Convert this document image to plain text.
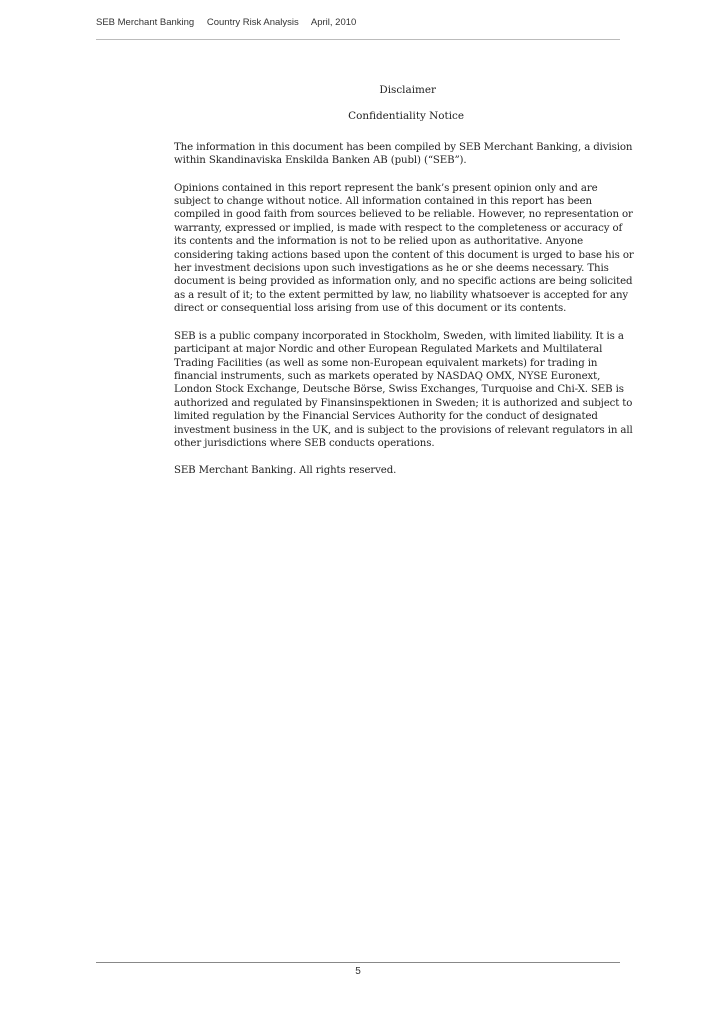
SEB Merchant Banking Country Risk Analysis April, 2010
Disclaimer
Confidentiality Notice

The information in this document has been compiled by SEB Merchant Banking, a division within Skandinaviska Enskilda Banken AB (publ) (“SEB”).

Opinions contained in this report represent the bank’s present opinion only and are subject to change without notice. All information contained in this report has been compiled in good faith from sources believed to be reliable. However, no representation or warranty, expressed or implied, is made with respect to the completeness or accuracy of its contents and the information is not to be relied upon as authoritative. Anyone considering taking actions based upon the content of this document is urged to base his or her investment decisions upon such investigations as he or she deems necessary. This document is being provided as information only, and no specific actions are being solicited as a result of it; to the extent permitted by law, no liability whatsoever is accepted for any direct or consequential loss arising from use of this document or its contents.

SEB is a public company incorporated in Stockholm, Sweden, with limited liability. It is a participant at major Nordic and other European Regulated Markets and Multilateral Trading Facilities (as well as some non-European equivalent markets) for trading in financial instruments, such as markets operated by NASDAQ OMX, NYSE Euronext, London Stock Exchange, Deutsche Börse, Swiss Exchanges, Turquoise and Chi-X. SEB is authorized and regulated by Finansinspektionen in Sweden; it is authorized and subject to limited regulation by the Financial Services Authority for the conduct of designated investment business in the UK, and is subject to the provisions of relevant regulators in all other jurisdictions where SEB conducts operations.

SEB Merchant Banking. All rights reserved.

5
